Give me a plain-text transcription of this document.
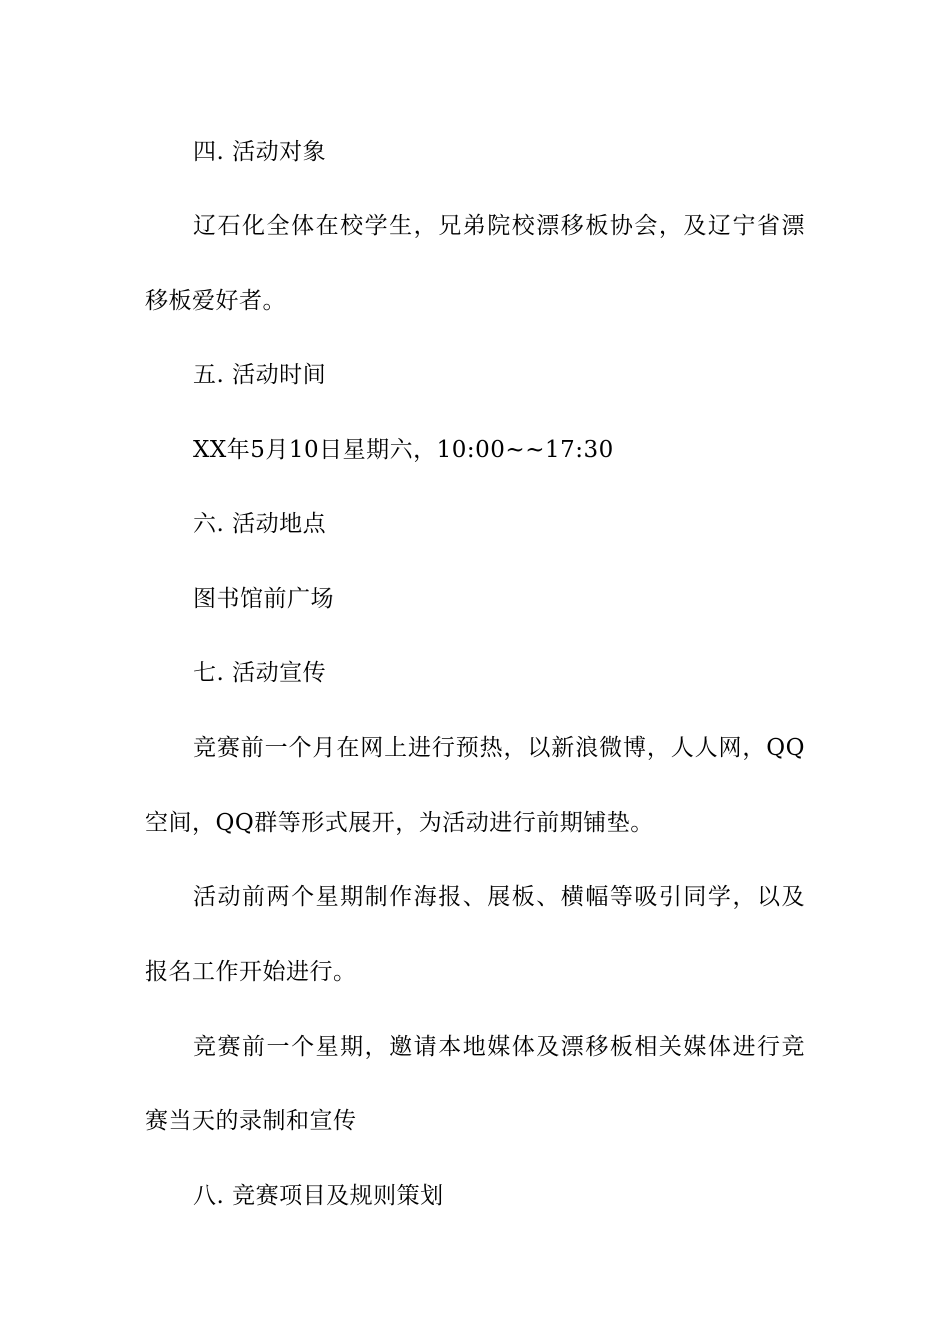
四. 活动对象
辽石化全体在校学生，兄弟院校漂移板协会，及辽宁省漂
移板爱好者。
五. 活动时间
XX年5月10日星期六，10:00~~17:30
六. 活动地点
图书馆前广场
七. 活动宣传
竞赛前一个月在网上进行预热，以新浪微博，人人网，QQ
空间，QQ群等形式展开，为活动进行前期铺垫。
活动前两个星期制作海报、展板、横幅等吸引同学，以及
报名工作开始进行。
竞赛前一个星期，邀请本地媒体及漂移板相关媒体进行竞
赛当天的录制和宣传
八. 竞赛项目及规则策划
